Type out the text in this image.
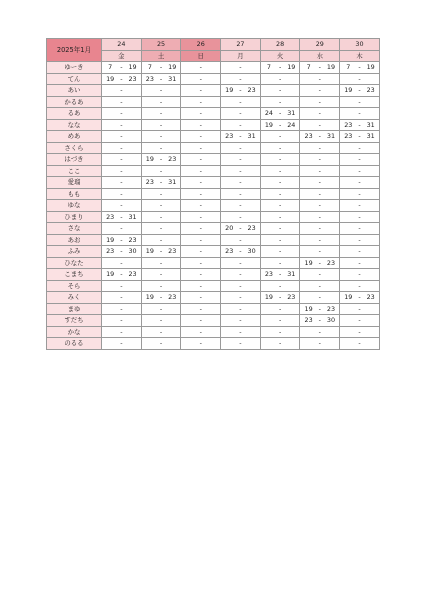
2025年1月	24	25	26	27	28	29	30
	金	土	日	月	火	水	木
ゆーき	7 - 19	7 - 19	-	-	7 - 19	7 - 19	7 - 19

てん	19 - 23	23 - 31	-	-	-	-	-
あい	-	-	-	19 - 23	-	-	19 - 23

かるあ	-	-	-	-	-	-	-
るあ	-	-	-	-	24 - 31	-	-
なな	-	-	-	-	19 - 24	-	23 - 31

めあ	-	-	-	23 - 31	-	23 - 31	23 - 31

さくら	-	-	-	-	-	-	-
はづき	-	19 - 23	-	-	-	-	-
ここ	-	-	-	-	-	-	-
愛瑠	-	23 - 31	-	-	-	-	-
もも	-	-	-	-	-	-	-
ゆな	-	-	-	-	-	-	-
ひまり	23 - 31	-	-	-	-	-	-
さな	-	-	-	20 - 23	-	-	-
あお	19 - 23	-	-	-	-	-	-
ふみ	23 - 30	19 - 23	-	23 - 30	-	-	-
ひなた	-	-	-	-	-	19 - 23	-
こまち	19 - 23	-	-	-	23 - 31	-	-
そら	-	-	-	-	-	-	-
みく	-	19 - 23	-	-	19 - 23	-	19 - 23

まゆ	-	-	-	-	-	19 - 23	-
すだち	-	-	-	-	-	23 - 30	-
かな	-	-	-	-	-	-	-
のるる	-	-	-	-	-	-	-
